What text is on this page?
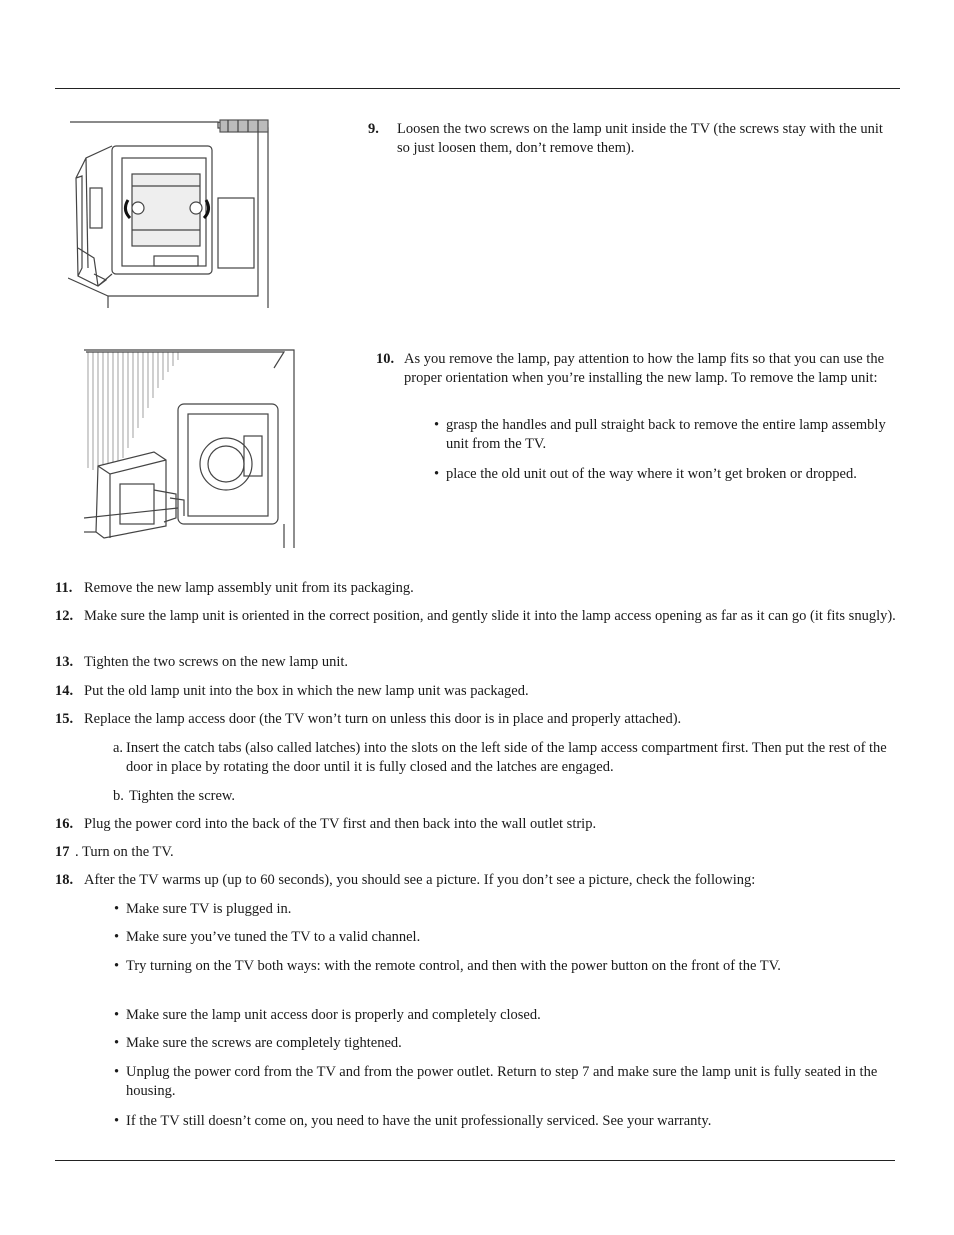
9. Loosen the two screws on the lamp unit inside the TV (the screws stay with the unit so just loosen them, don’t remove them).
10. As you remove the lamp, pay attention to how the lamp fits so that you can use the proper orientation when you’re installing the new lamp. To remove the lamp unit:
• grasp the handles and pull straight back to remove the entire lamp assembly unit from the TV.
• place the old unit out of the way where it won’t get broken or dropped.
11. Remove the new lamp assembly unit from its packaging.
12. Make sure the lamp unit is oriented in the correct position, and gently slide it into the lamp access opening as far as it can go (it fits snugly).
13. Tighten the two screws on the new lamp unit.
14. Put the old lamp unit into the box in which the new lamp unit was packaged.
15. Replace the lamp access door (the TV won’t turn on unless this door is in place and properly attached).
a. Insert the catch tabs (also called latches) into the slots on the left side of the lamp access compartment first. Then put the rest of the door in place by rotating the door until it is fully closed and the latches are engaged.
b. Tighten the screw.
16. Plug the power cord into the back of the TV first and then back into the wall outlet strip.
17 . Turn on the TV.
18. After the TV warms up (up to 60 seconds), you should see a picture. If you don’t see a picture, check the following:
• Make sure TV is plugged in.
• Make sure you’ve tuned the TV to a valid channel.
• Try turning on the TV both ways: with the remote control, and then with the power button on the front of the TV.
• Make sure the lamp unit access door is properly and completely closed.
• Make sure the screws are completely tightened.
• Unplug the power cord from the TV and from the power outlet. Return to step 7 and make sure the lamp unit is fully seated in the housing.
• If the TV still doesn’t come on, you need to have the unit professionally serviced. See your warranty.
